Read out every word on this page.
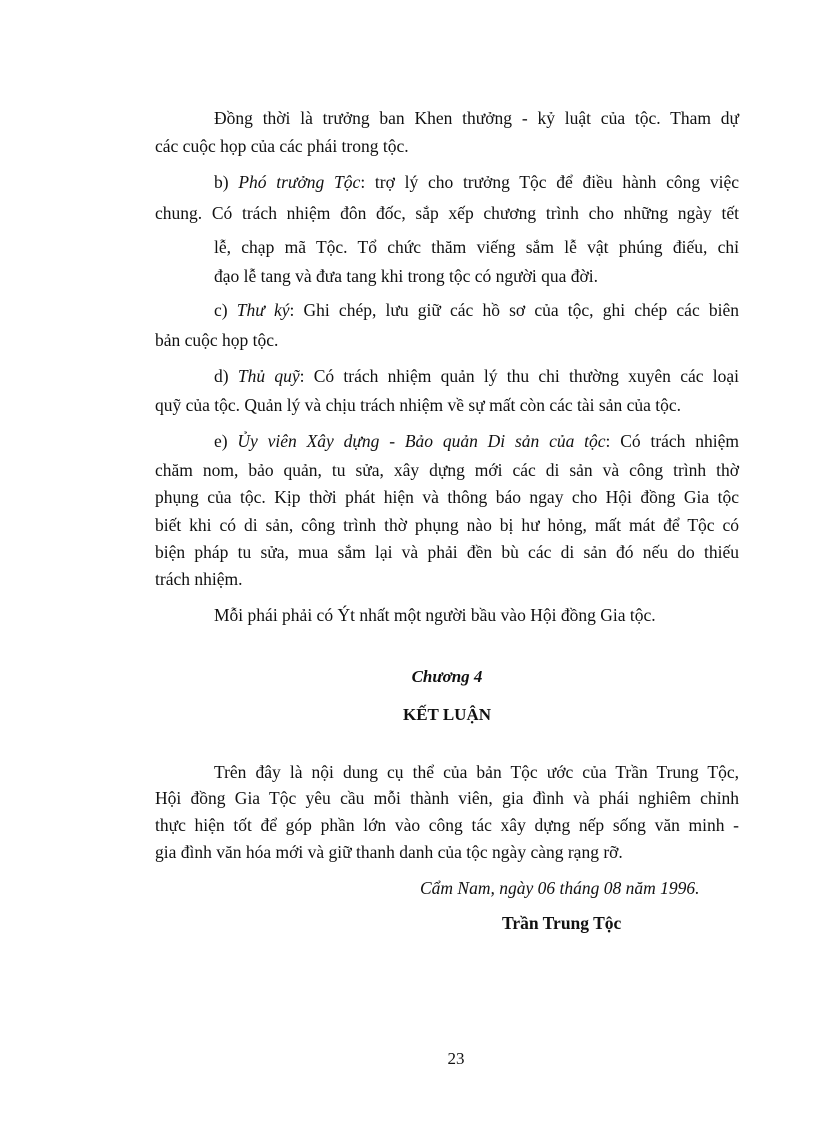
Đồng thời là trưởng ban Khen thưởng - kỷ luật của tộc. Tham dự
các cuộc họp của các phái trong tộc.
b) Phó trưởng Tộc: trợ lý cho trưởng Tộc để điều hành công việc
chung. Có trách nhiệm đôn đốc, sắp xếp chương trình cho những ngày tết
lễ, chạp mã Tộc. Tổ chức thăm viếng sắm lễ vật phúng điếu, chỉ
đạo lễ tang và đưa tang khi trong tộc có người qua đời.
c) Thư ký: Ghi chép, lưu giữ các hồ sơ của tộc, ghi chép các biên
bản cuộc họp tộc.
d) Thủ quỹ: Có trách nhiệm quản lý thu chi thường xuyên các loại
quỹ của tộc. Quản lý và chịu trách nhiệm về sự mất còn các tài sản của tộc.
e) Ủy viên Xây dựng - Bảo quản Di sản của tộc: Có trách nhiệm
chăm nom, bảo quản, tu sửa, xây dựng mới các di sản và công trình thờ
phụng của tộc. Kịp thời phát hiện và thông báo ngay cho Hội đồng Gia tộc
biết khi có di sản, công trình thờ phụng nào bị hư hỏng, mất mát để Tộc có
biện pháp tu sửa, mua sắm lại và phải đền bù các di sản đó nếu do thiếu
trách nhiệm.
Mỗi phái phải có Ýt nhất một người bầu vào Hội đồng Gia tộc.
Chương 4
KẾT LUẬN
Trên đây là nội dung cụ thể của bản Tộc ước của Trần Trung Tộc,
Hội đồng Gia Tộc yêu cầu mỗi thành viên, gia đình và phái nghiêm chỉnh
thực hiện tốt để góp phần lớn vào công tác xây dựng nếp sống văn minh -
gia đình văn hóa mới và giữ thanh danh của tộc ngày càng rạng rỡ.
Cẩm Nam, ngày 06 tháng 08 năm 1996.
Trần Trung Tộc
23
